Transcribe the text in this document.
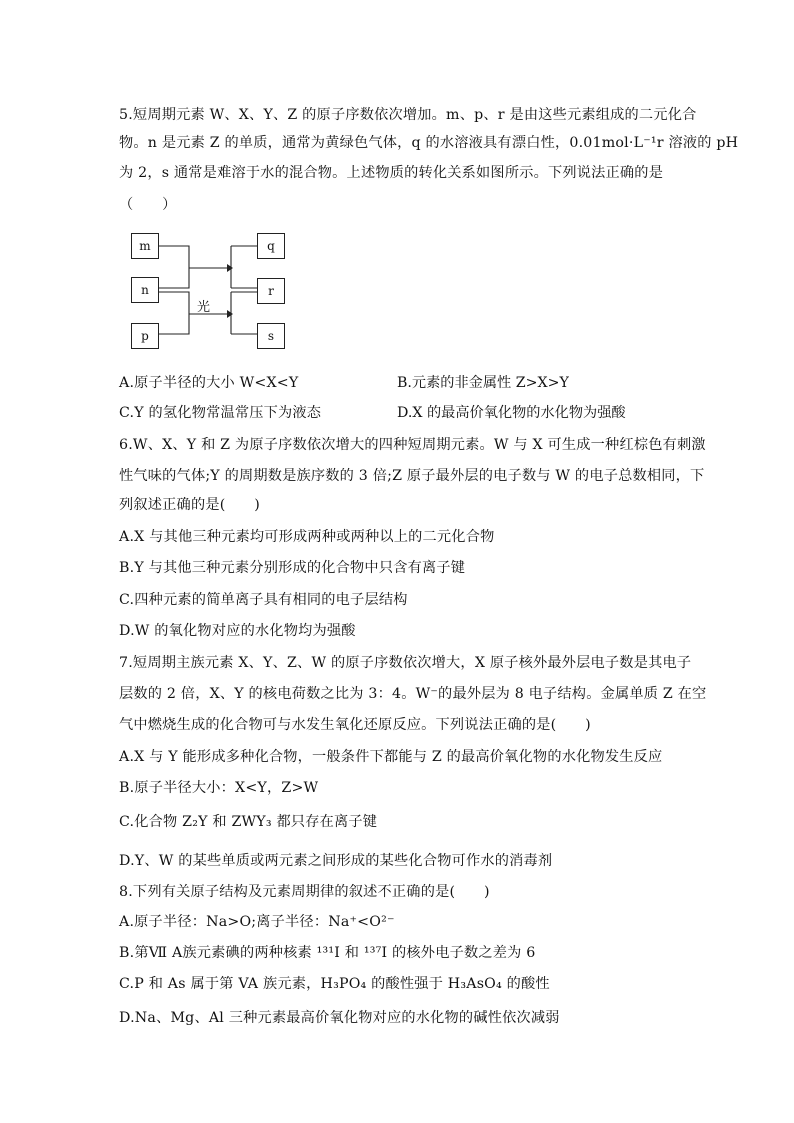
5.短周期元素 W、X、Y、Z 的原子序数依次增加。m、p、r 是由这些元素组成的二元化合
物。n 是元素 Z 的单质，通常为黄绿色气体，q 的水溶液具有漂白性，0.01mol·L⁻¹r 溶液的 pH
为 2，s 通常是难溶于水的混合物。上述物质的转化关系如图所示。下列说法正确的是
（　　）
m
n
p
q
r
s
光
A.原子半径的大小 W<X<Y	B.元素的非金属性 Z>X>Y
C.Y 的氢化物常温常压下为液态	D.X 的最高价氧化物的水化物为强酸
6.W、X、Y 和 Z 为原子序数依次增大的四种短周期元素。W 与 X 可生成一种红棕色有刺激
性气味的气体;Y 的周期数是族序数的 3 倍;Z 原子最外层的电子数与 W 的电子总数相同，下
列叙述正确的是(　　)
A.X 与其他三种元素均可形成两种或两种以上的二元化合物
B.Y 与其他三种元素分别形成的化合物中只含有离子键
C.四种元素的简单离子具有相同的电子层结构
D.W 的氧化物对应的水化物均为强酸
7.短周期主族元素 X、Y、Z、W 的原子序数依次增大，X 原子核外最外层电子数是其电子
层数的 2 倍，X、Y 的核电荷数之比为 3：4。W⁻的最外层为 8 电子结构。金属单质 Z 在空
气中燃烧生成的化合物可与水发生氧化还原反应。下列说法正确的是(　　)
A.X 与 Y 能形成多种化合物，一般条件下都能与 Z 的最高价氧化物的水化物发生反应
B.原子半径大小：X<Y，Z>W
C.化合物 Z₂Y 和 ZWY₃ 都只存在离子键
D.Y、W 的某些单质或两元素之间形成的某些化合物可作水的消毒剂
8.下列有关原子结构及元素周期律的叙述不正确的是(　　)
A.原子半径：Na>O;离子半径：Na⁺<O²⁻
B.第Ⅶ A族元素碘的两种核素 ¹³¹I 和 ¹³⁷I 的核外电子数之差为 6
C.P 和 As 属于第 VA 族元素，H₃PO₄ 的酸性强于 H₃AsO₄ 的酸性
D.Na、Mg、Al 三种元素最高价氧化物对应的水化物的碱性依次减弱
